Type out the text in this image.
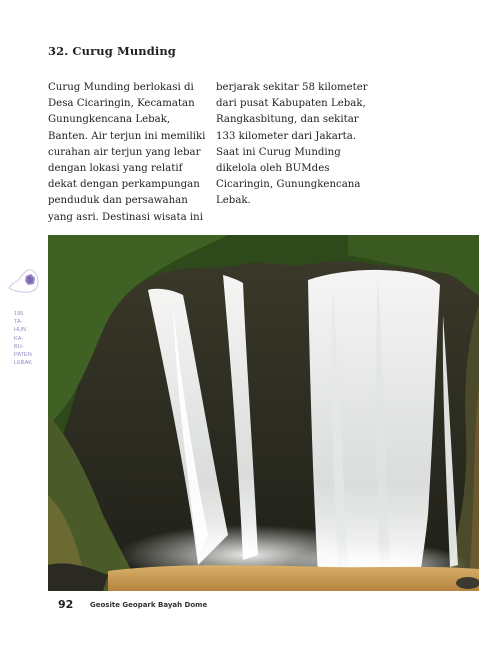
32. Curug Munding

Curug Munding berlokasi di
Desa Cicaringin, Kecamatan
Gunungkencana Lebak,
Banten. Air terjun ini memiliki
curahan air terjun yang lebar
dengan lokasi yang relatif
dekat dengan perkampungan
penduduk dan persawahan
yang asri. Destinasi wisata ini

berjarak sekitar 58 kilometer
dari pusat Kabupaten Lebak,
Rangkasbitung, dan sekitar
133 kilometer dari Jakarta.
Saat ini Curug Munding
dikelola oleh BUMdes
Cicaringin, Gunungkencana
Lebak.

195
TA-
HUN
KA-
BU-
PATEN
LEBAK
92 Geosite Geopark Bayah Dome
